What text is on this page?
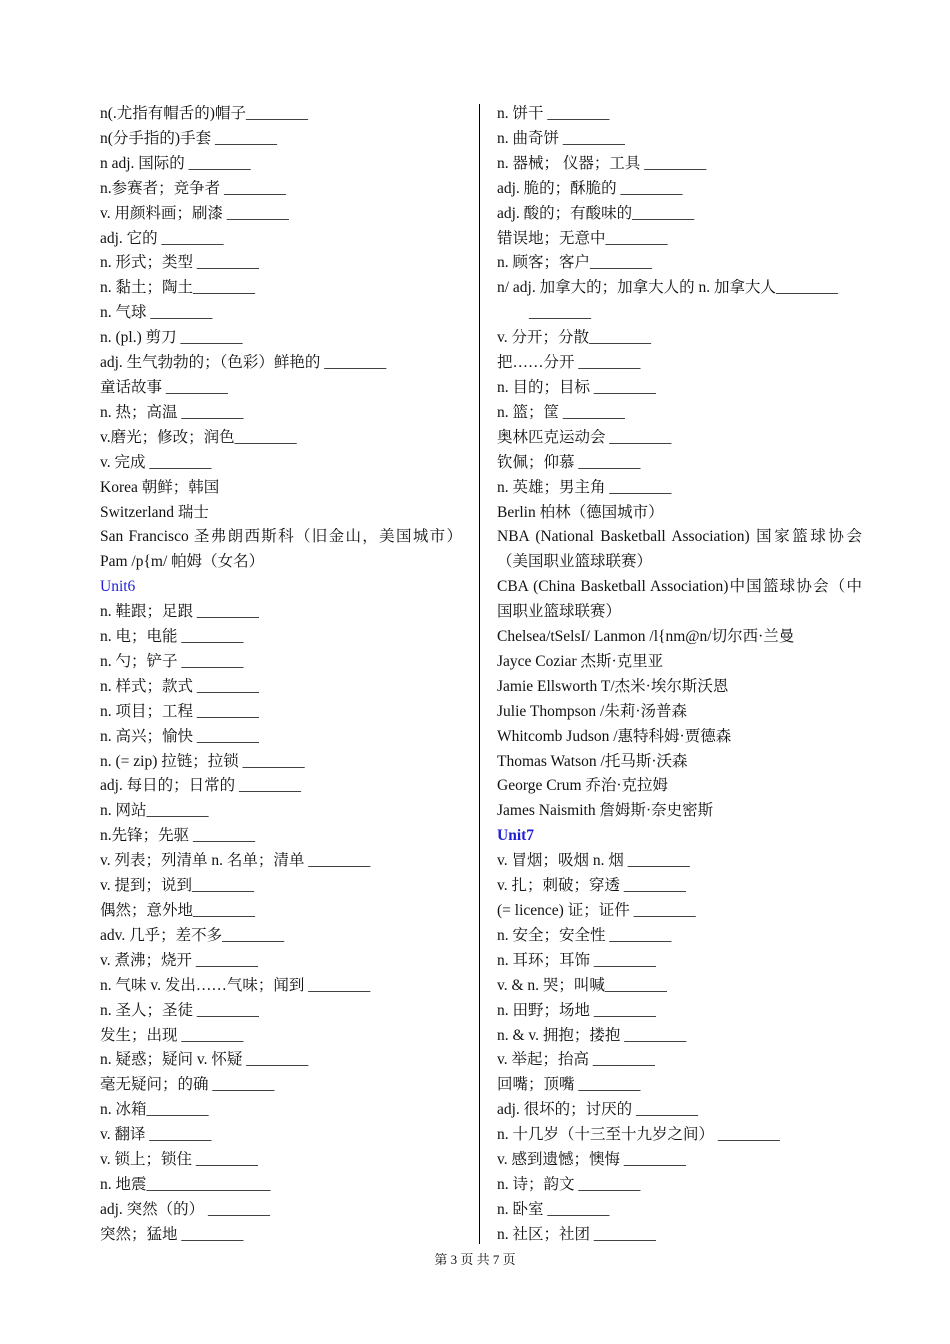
n(.尤指有帽舌的)帽子________
n(分手指的)手套 ________
n adj. 国际的 ________
n.参赛者；竞争者 ________
v. 用颜料画；刷漆 ________
adj. 它的 ________
n. 形式；类型 ________
n. 黏土；陶土________
n. 气球 ________
n. (pl.) 剪刀 ________
adj. 生气勃勃的；（色彩）鲜艳的 ________
童话故事 ________
n. 热；高温 ________
v.磨光；修改；润色________
v. 完成 ________
Korea 朝鲜；韩国
Switzerland 瑞士
San Francisco 圣弗朗西斯科（旧金山，美国城市）Pam /p{m/ 帕姆（女名）
Unit6
n. 鞋跟；足跟 ________
n. 电；电能 ________
n. 勺；铲子 ________
n. 样式；款式 ________
n. 项目；工程 ________
n. 高兴；愉快 ________
n. (= zip) 拉链；拉锁 ________
adj. 每日的；日常的 ________
n. 网站________
n.先锋；先驱 ________
v. 列表；列清单 n. 名单；清单 ________
v. 提到；说到________
偶然；意外地________
adv. 几乎；差不多________
v. 煮沸；烧开 ________
n. 气味 v. 发出……气味；闻到 ________
n. 圣人；圣徒 ________
发生；出现 ________
n. 疑惑；疑问 v. 怀疑 ________
毫无疑问；的确 ________
n. 冰箱________
v. 翻译 ________
v. 锁上；锁住 ________
n. 地震________________
adj. 突然（的） ________
突然；猛地 ________
n. 饼干 ________
n. 曲奇饼 ________
n. 器械； 仪器；工具 ________
adj. 脆的；酥脆的 ________
adj. 酸的；有酸味的________
错误地；无意中________
n. 顾客；客户________
n/ adj. 加拿大的；加拿大人的 n. 加拿大人________
________
v. 分开；分散________
把……分开 ________
n. 目的；目标 ________
n. 篮；筐 ________
奥林匹克运动会 ________
钦佩；仰慕 ________
n. 英雄；男主角 ________
Berlin 柏林（德国城市）
NBA (National Basketball Association) 国家篮球协会（美国职业篮球联赛）
CBA (China Basketball Association)中国篮球协会（中国职业篮球联赛）
Chelsea/tSelsI/ Lanmon /l{nm@n/切尔西·兰曼
Jayce Coziar 杰斯·克里亚
Jamie Ellsworth T/杰米·埃尔斯沃恩
Julie Thompson /朱莉·汤普森
Whitcomb Judson /惠特科姆·贾德森
Thomas Watson /托马斯·沃森
George Crum 乔治·克拉姆
James Naismith 詹姆斯·奈史密斯
Unit7
v. 冒烟；吸烟 n. 烟 ________
v. 扎；刺破；穿透 ________
(= licence) 证；证件 ________
n. 安全；安全性 ________
n. 耳环；耳饰 ________
v. & n. 哭；叫喊________
n. 田野；场地 ________
n. & v. 拥抱；搂抱 ________
v. 举起；抬高 ________
回嘴；顶嘴 ________
adj. 很坏的；讨厌的 ________
n. 十几岁（十三至十九岁之间） ________
v. 感到遗憾；懊悔 ________
n. 诗；韵文 ________
n. 卧室 ________
n. 社区；社团 ________
第 3 页 共 7 页
